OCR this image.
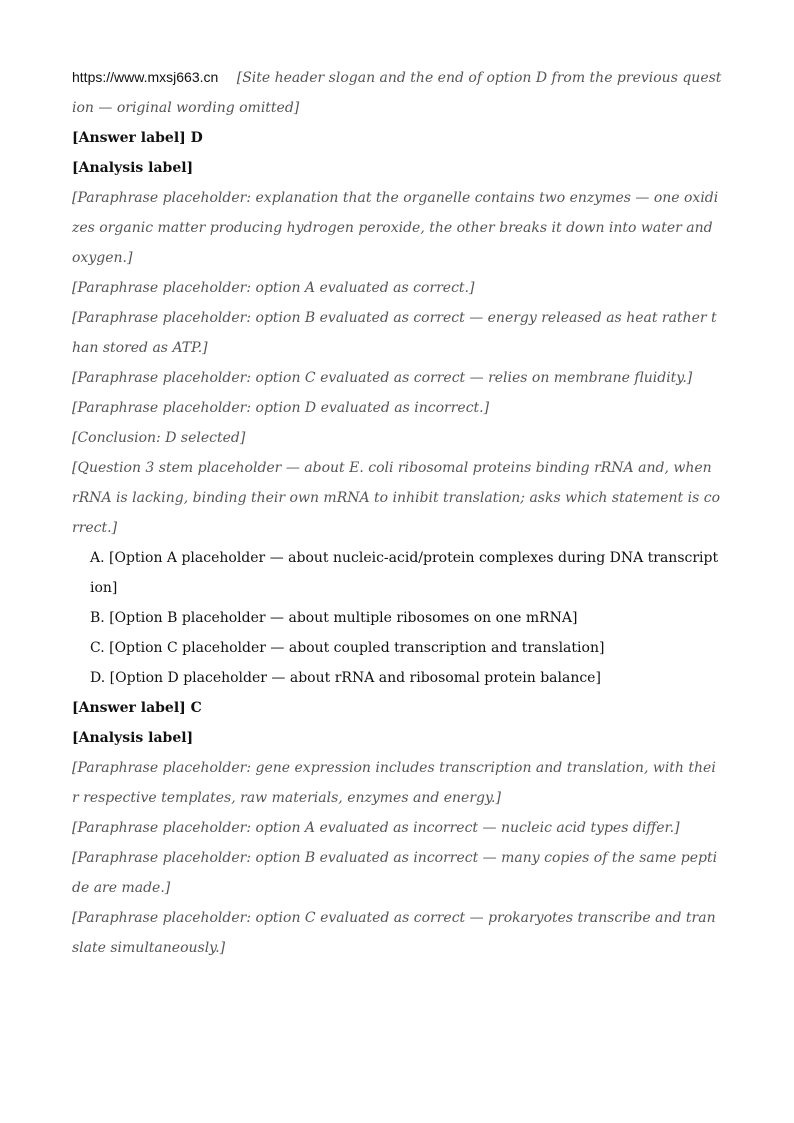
https://www.mxsj663.cn [Site header slogan and the end of option D from the previous question — original wording omitted]

[Answer label] D

[Analysis label]

[Paraphrase placeholder: explanation that the organelle contains two enzymes — one oxidizes organic matter producing hydrogen peroxide, the other breaks it down into water and oxygen.]

[Paraphrase placeholder: option A evaluated as correct.]

[Paraphrase placeholder: option B evaluated as correct — energy released as heat rather than stored as ATP.]

[Paraphrase placeholder: option C evaluated as correct — relies on membrane fluidity.]

[Paraphrase placeholder: option D evaluated as incorrect.]

[Conclusion: D selected]

[Question 3 stem placeholder — about E. coli ribosomal proteins binding rRNA and, when rRNA is lacking, binding their own mRNA to inhibit translation; asks which statement is correct.]

A. [Option A placeholder — about nucleic-acid/protein complexes during DNA transcription]

B. [Option B placeholder — about multiple ribosomes on one mRNA]

C. [Option C placeholder — about coupled transcription and translation]

D. [Option D placeholder — about rRNA and ribosomal protein balance]

[Answer label] C

[Analysis label]

[Paraphrase placeholder: gene expression includes transcription and translation, with their respective templates, raw materials, enzymes and energy.]

[Paraphrase placeholder: option A evaluated as incorrect — nucleic acid types differ.]

[Paraphrase placeholder: option B evaluated as incorrect — many copies of the same peptide are made.]

[Paraphrase placeholder: option C evaluated as correct — prokaryotes transcribe and translate simultaneously.]
